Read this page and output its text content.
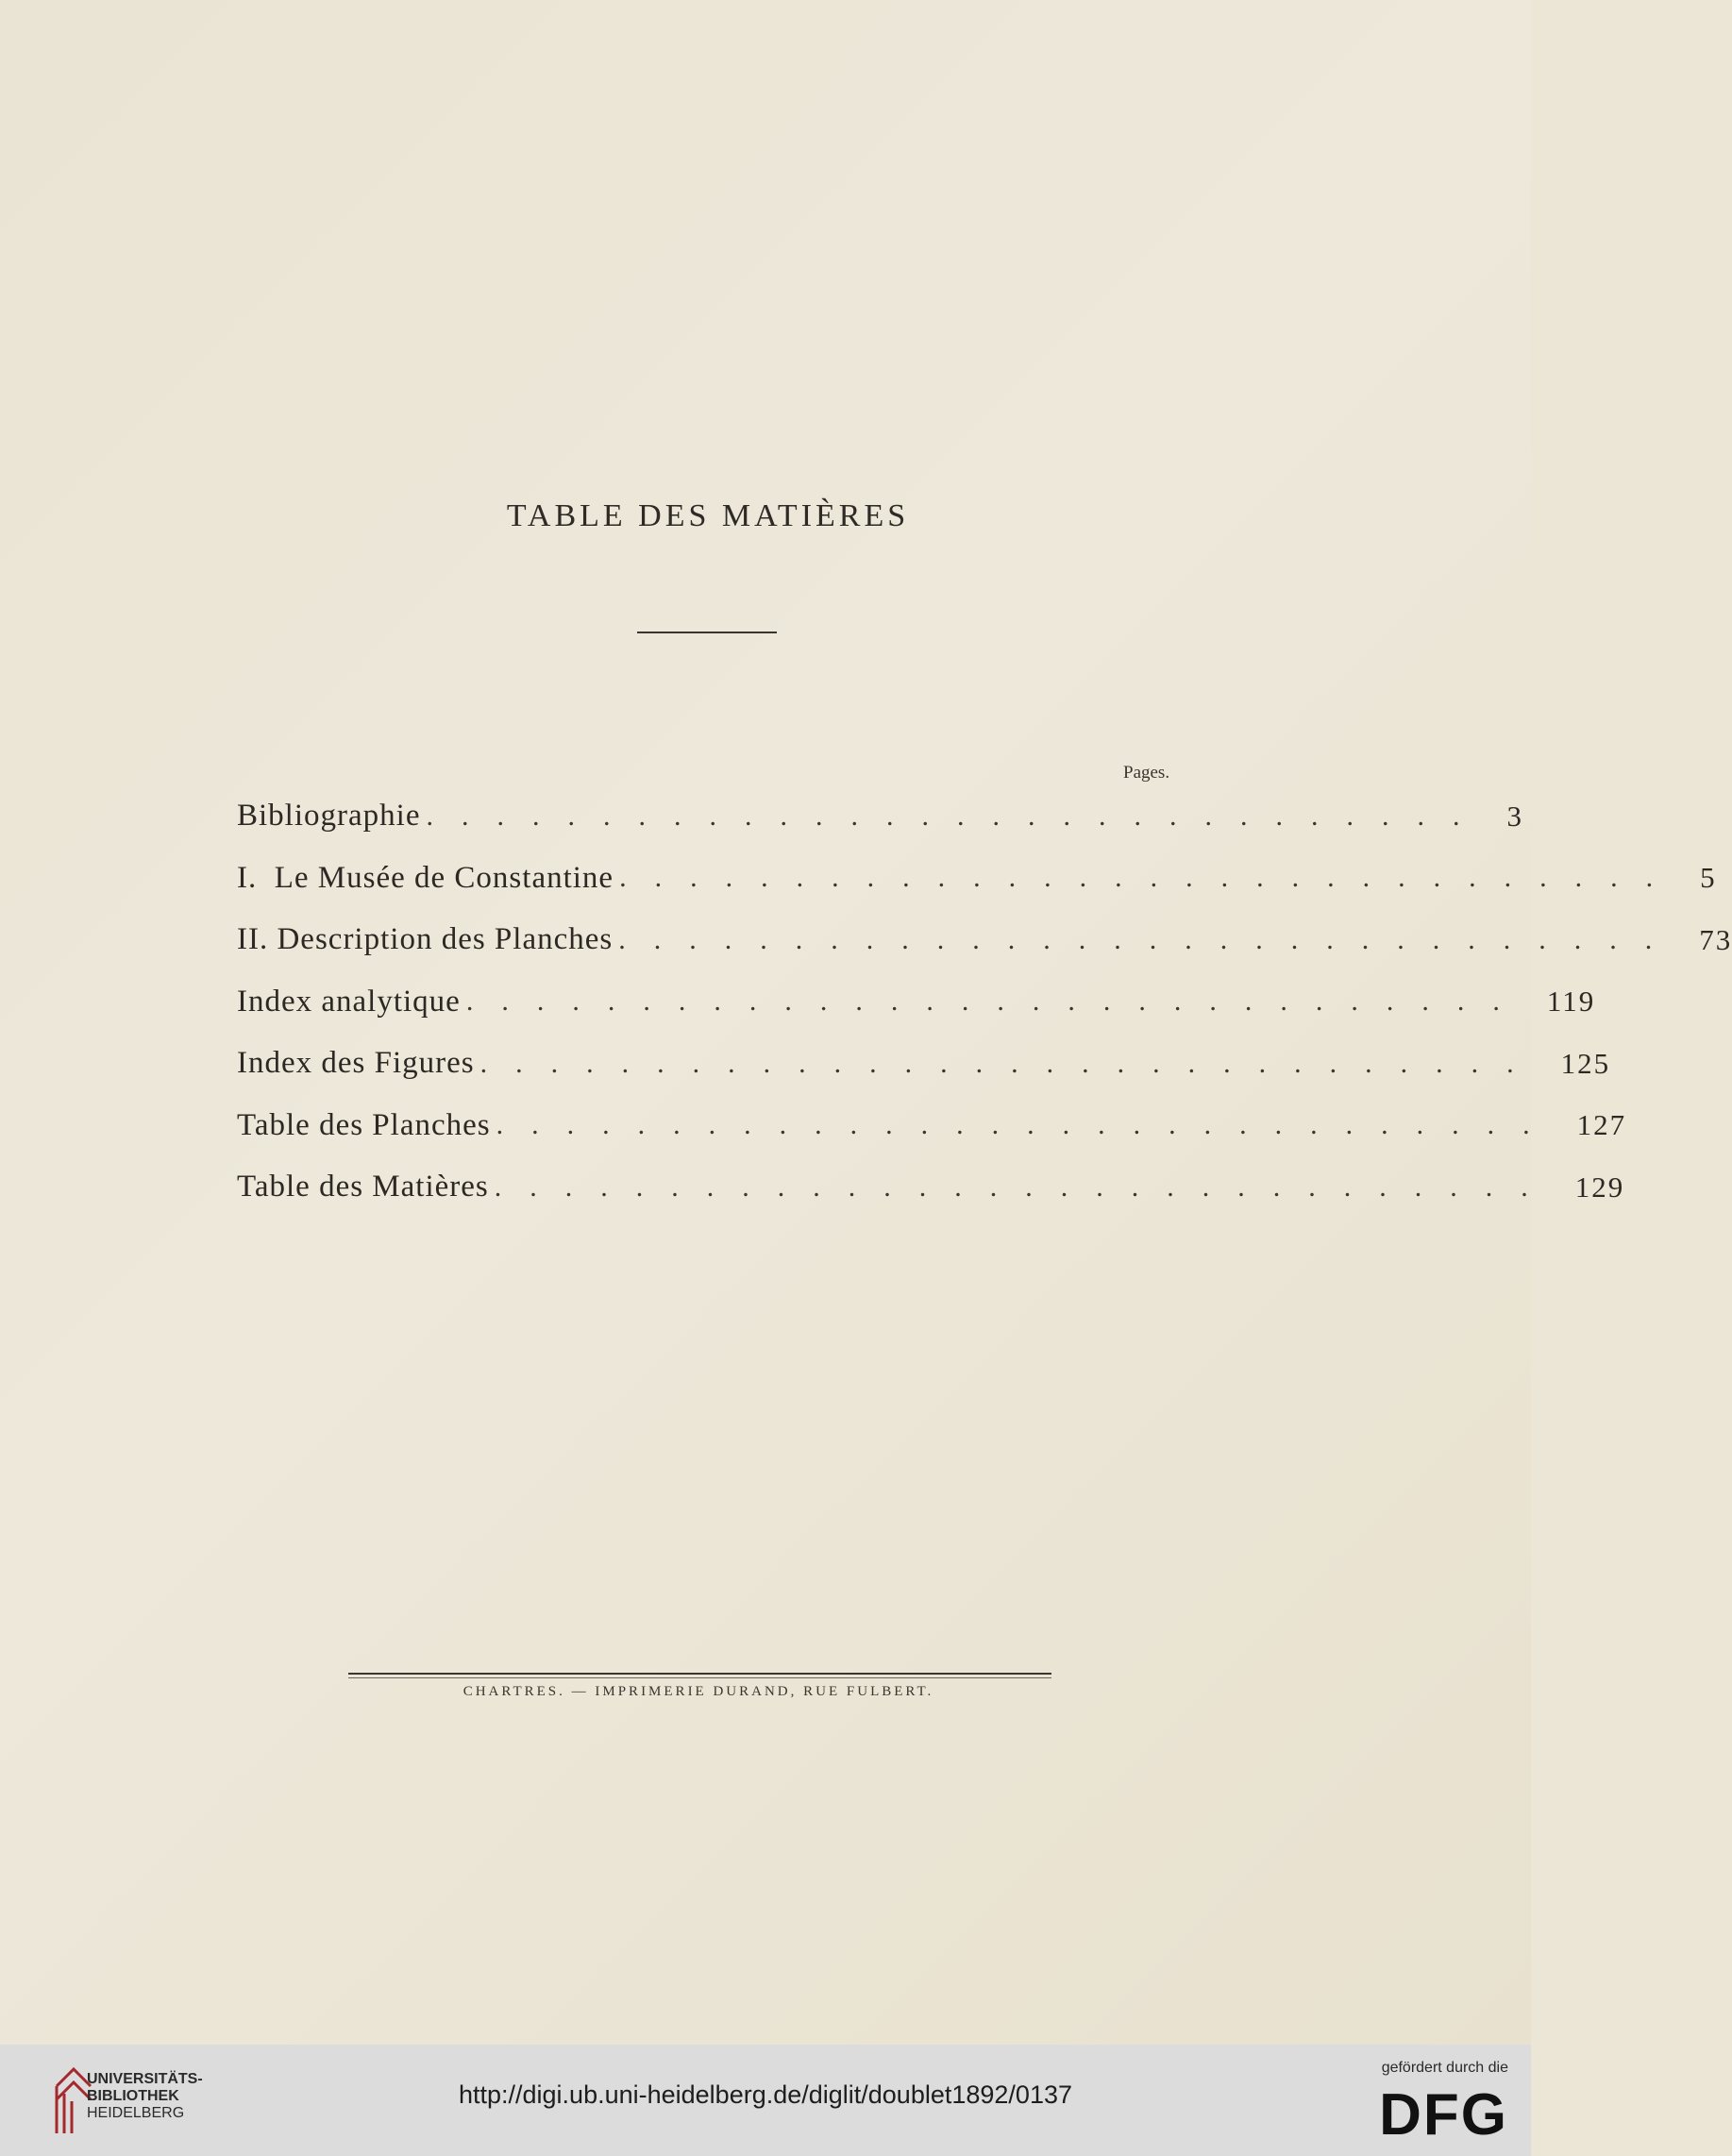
TABLE DES MATIÈRES
Pages.
Bibliographie .............................. 3
I.  Le Musée de Constantine .............................. 5
II. Description des Planches .............................. 73
Index analytique .............................. 119
Index des Figures .............................. 125
Table des Planches .............................. 127
Table des Matières .............................. 129
CHARTRES. — IMPRIMERIE DURAND, RUE FULBERT.
UNIVERSITÄTS-
BIBLIOTHEK
HEIDELBERG
http://digi.ub.uni-heidelberg.de/diglit/doublet1892/0137
gefördert durch die
DFG
